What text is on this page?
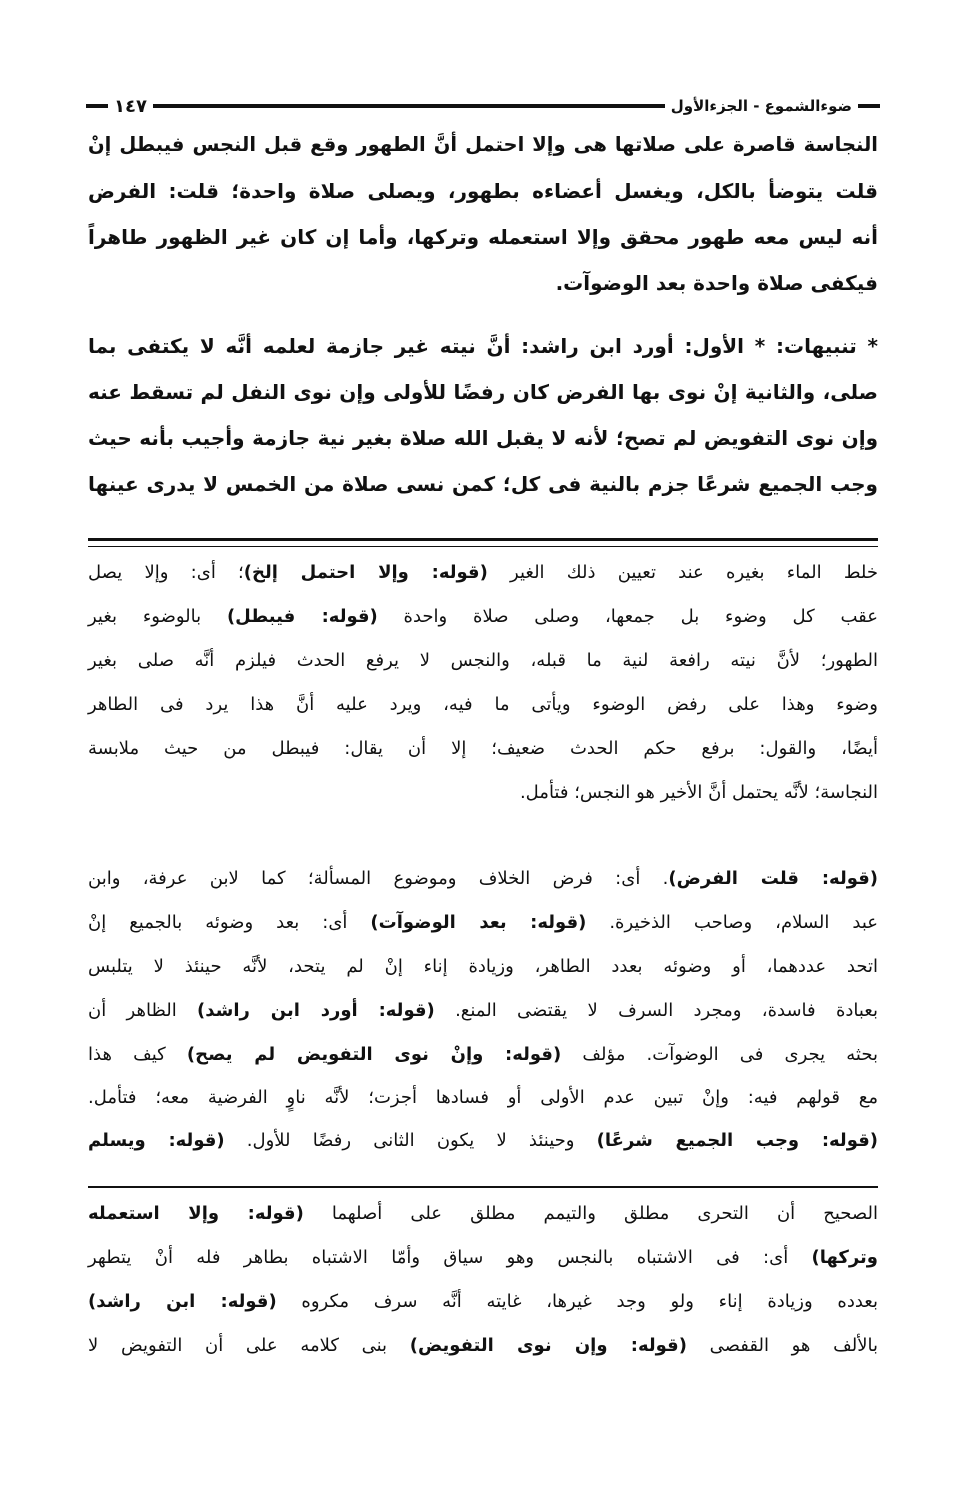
ضوءالشموع - الجزءالأول
١٤٧
النجاسة قاصرة على صلاتها هى وإلا احتمل أنَّ الطهور وقع قبل النجس فيبطل إنْ
قلت يتوضأ بالكل، ويغسل أعضاءه بطهور، ويصلى صلاة واحدة؛ قلت: الفرض
أنه ليس معه طهور محقق وإلا استعمله وتركها، وأما إن كان غير الظهور طاهراً
فيكفى صلاة واحدة بعد الوضوآت.
* تنبيهات: * الأول: أورد ابن راشد: أنَّ نيته غير جازمة لعلمه أنَّه لا يكتفى بما
صلى، والثانية إنْ نوى بها الفرض كان رفضًا للأولى وإن نوى النفل لم تسقط عنه
وإن نوى التفويض لم تصح؛ لأنه لا يقبل الله صلاة بغير نية جازمة وأجيب بأنه حيث
وجب الجميع شرعًا جزم بالنية فى كل؛ كمن نسى صلاة من الخمس لا يدرى عينها
خلط الماء بغيره عند تعيين ذلك الغير (قوله: وإلا احتمل إلخ)؛ أى: وإلا يصل
عقب كل وضوء بل جمعها، وصلى صلاة واحدة (قوله: فيبطل) بالوضوء بغير
الطهور؛ لأنَّ نيته رافعة لنية ما قبله، والنجس لا يرفع الحدث فيلزم أنَّه صلى بغير
وضوء وهذا على رفض الوضوء ويأتى ما فيه، ويرد عليه أنَّ هذا يرد فى الطاهر
أيضًا، والقول: برفع حكم الحدث ضعيف؛ إلا أن يقال: فيبطل من حيث ملابسة
النجاسة؛ لأنَّه يحتمل أنَّ الأخير هو النجس؛ فتأمل.
(قوله: قلت الفرض). أى: فرض الخلاف وموضوع المسألة؛ كما لابن عرفة، وابن
عبد السلام، وصاحب الذخيرة. (قوله: بعد الوضوآت) أى: بعد وضوئه بالجميع إنْ
اتحد عددهما، أو وضوئه بعدد الطاهر، وزيادة إناء إنْ لم يتحد، لأنَّه حينئذ لا يتلبس
بعبادة فاسدة، ومجرد السرف لا يقتضى المنع. (قوله: أورد ابن راشد) الظاهر أن
بحثه يجرى فى الوضوآت. مؤلف (قوله: وإنْ نوى التفويض لم يصح) كيف هذا
مع قولهم فيه: وإنْ تبين عدم الأولى أو فسادها أجزت؛ لأنَّه ناوٍ الفرضية معه؛ فتأمل.
(قوله: وجب الجميع شرعًا) وحينئذ لا يكون الثانى رفضًا للأول. (قوله: ويسلم
الصحيح أن التحرى مطلق والتيمم مطلق على أصلهما (قوله: وإلا استعمله
وتركها) أى: فى الاشتباه بالنجس وهو سياق وأمّا الاشتباه بطاهر فله أنْ يتطهر
بعدده وزيادة إناء ولو وجد غيرها، غايته أنَّه سرف مكروه (قوله: ابن راشد)
بالألف هو القفصى (قوله: وإن نوى التفويض) بنى كلامه على أن التفويض لا
